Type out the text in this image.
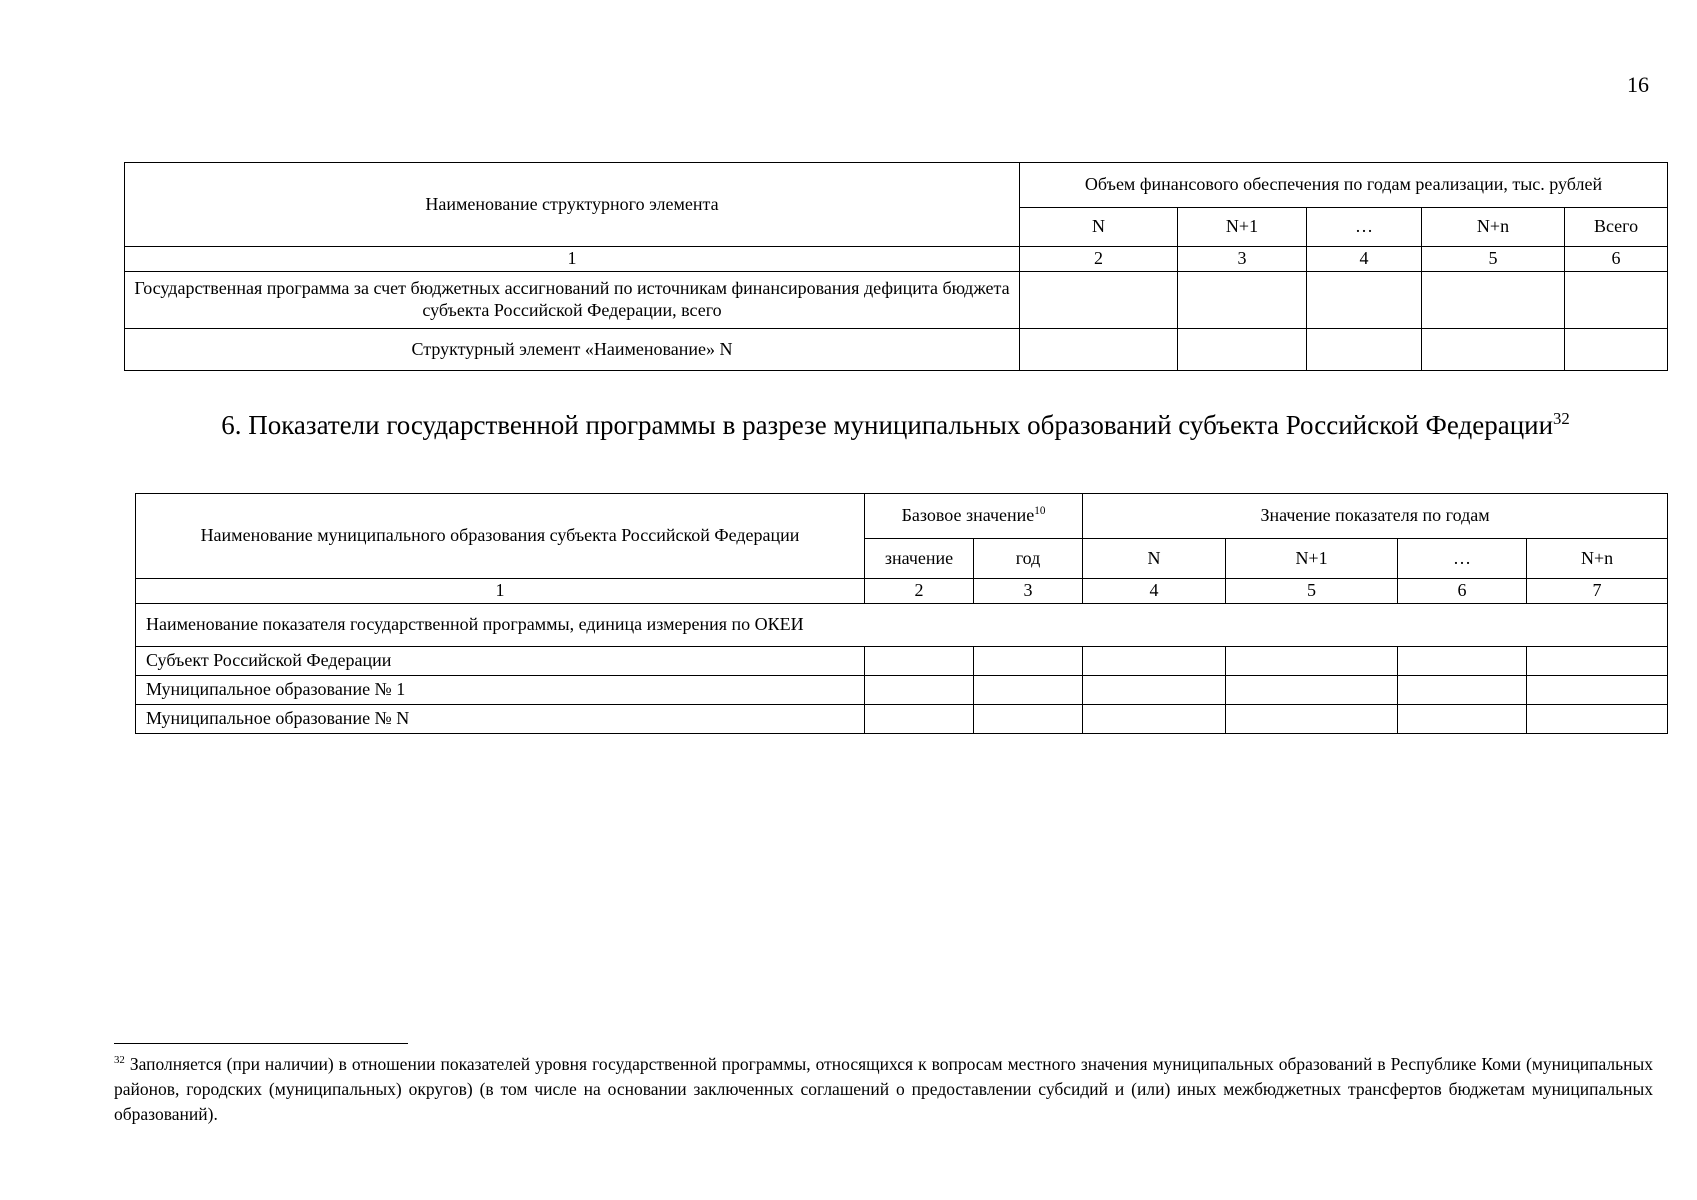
16
Наименование структурного элемента	Объем финансового обеспечения по годам реализации, тыс. рублей				
	N	N+1	…	N+n	Всего
1	2	3	4	5	6
Государственная программа за счет бюджетных ассигнований по источникам финансирования дефицита бюджета субъекта Российской Федерации, всего					
Структурный элемент «Наименование» N					
6. Показатели государственной программы в разрезе муниципальных образований субъекта Российской Федерации$^{32}$
Наименование муниципального образования субъекта Российской Федерации	Базовое значение$^{10}$		Значение показателя по годам			
	значение	год	N	N+1	…	N+n
1	2	3	4	5	6	7
Наименование показателя государственной программы, единица измерения по ОКЕИ						
Субъект Российской Федерации						
Муниципальное образование № 1						
Муниципальное образование № N						
$^{32}$ Заполняется (при наличии) в отношении показателей уровня государственной программы, относящихся к вопросам местного значения муниципальных образований в Республике Коми (муниципальных районов, городских (муниципальных) округов) (в том числе на основании заключенных соглашений о предоставлении субсидий и (или) иных межбюджетных трансфертов бюджетам муниципальных образований).
